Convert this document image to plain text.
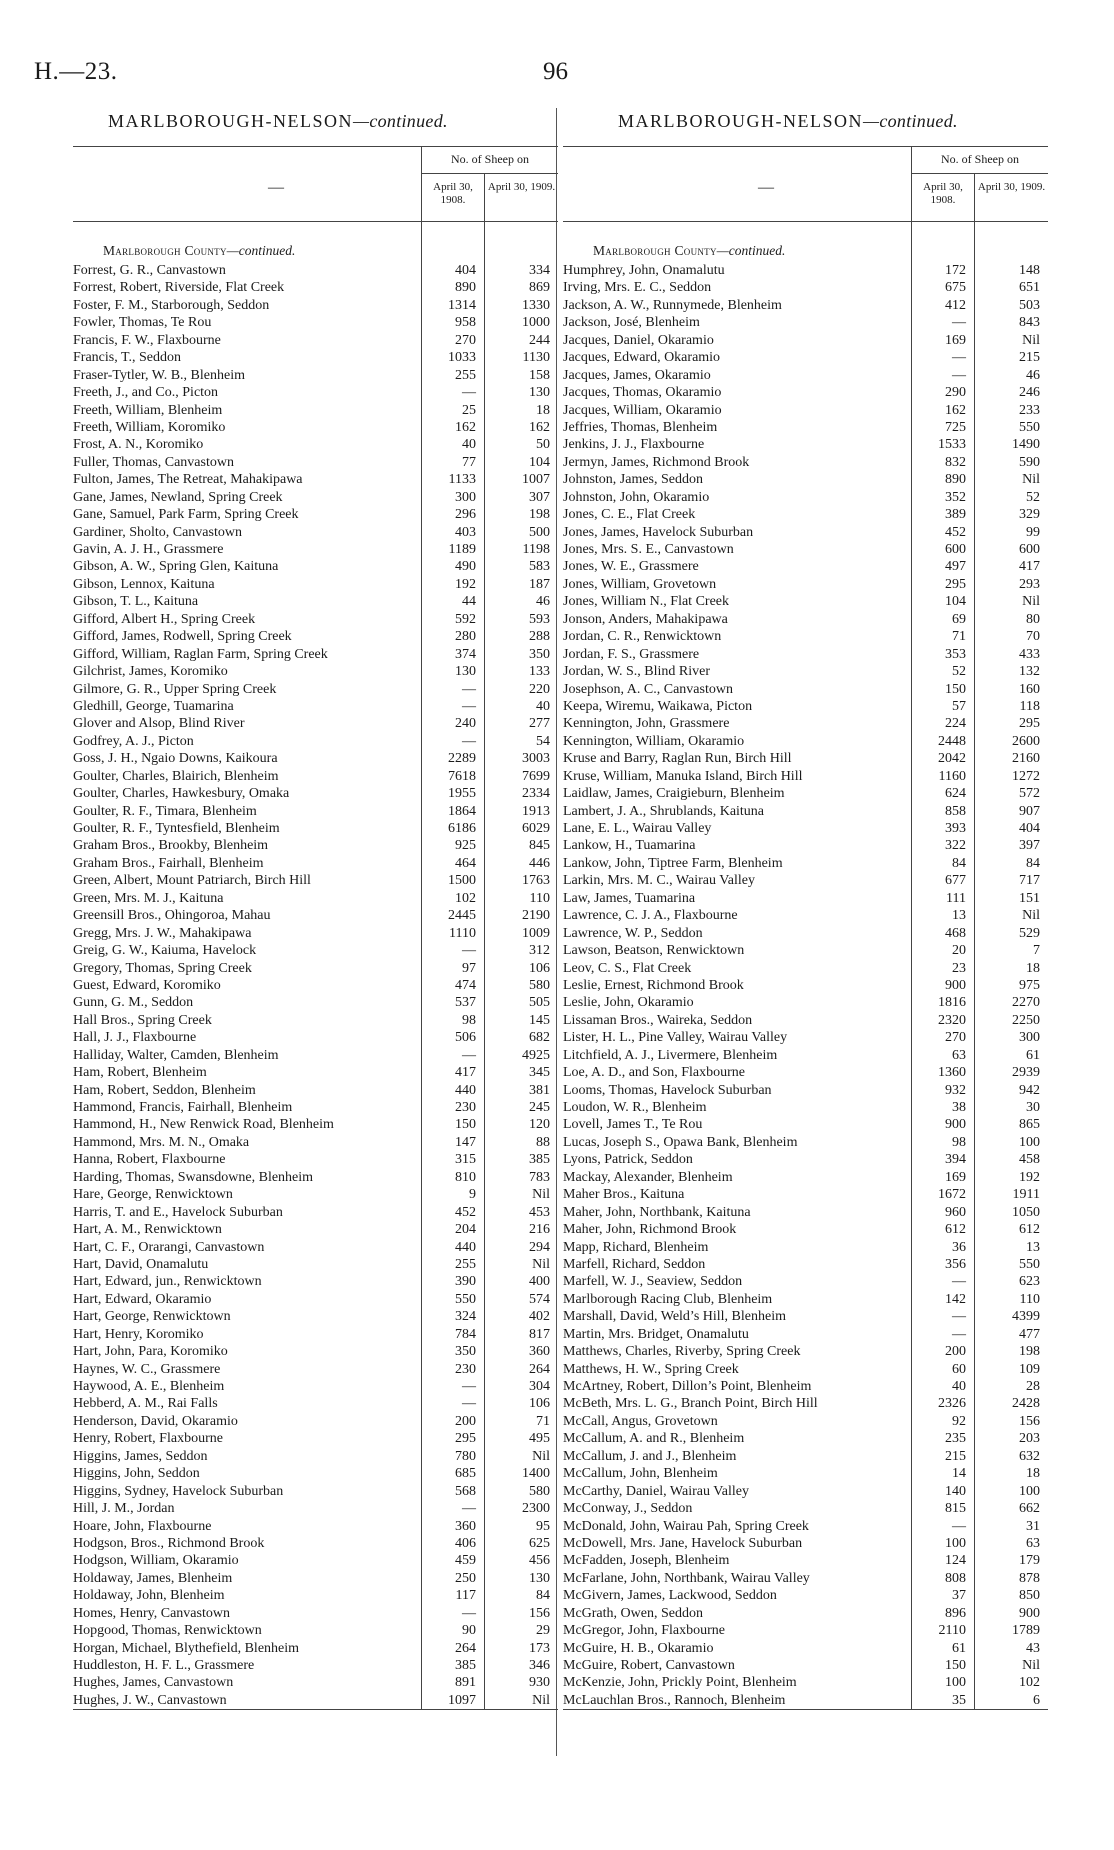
H.—23.	96
MARLBOROUGH-NELSON—continued.	MARLBOROUGH-NELSON—continued.
—
No. of Sheep on
April 30, 1908.
April 30, 1909.
Marlborough County—continued.
Forrest, G. R., Canvastown	404	334
Forrest, Robert, Riverside, Flat Creek	890	869
Foster, F. M., Starborough, Seddon	1314	1330
Fowler, Thomas, Te Rou	958	1000
Francis, F. W., Flaxbourne	270	244
Francis, T., Seddon	1033	1130
Fraser-Tytler, W. B., Blenheim	255	158
Freeth, J., and Co., Picton	—	130
Freeth, William, Blenheim	25	18
Freeth, William, Koromiko	162	162
Frost, A. N., Koromiko	40	50
Fuller, Thomas, Canvastown	77	104
Fulton, James, The Retreat, Mahakipawa	1133	1007
Gane, James, Newland, Spring Creek	300	307
Gane, Samuel, Park Farm, Spring Creek	296	198
Gardiner, Sholto, Canvastown	403	500
Gavin, A. J. H., Grassmere	1189	1198
Gibson, A. W., Spring Glen, Kaituna	490	583
Gibson, Lennox, Kaituna	192	187
Gibson, T. L., Kaituna	44	46
Gifford, Albert H., Spring Creek	592	593
Gifford, James, Rodwell, Spring Creek	280	288
Gifford, William, Raglan Farm, Spring Creek	374	350
Gilchrist, James, Koromiko	130	133
Gilmore, G. R., Upper Spring Creek	—	220
Gledhill, George, Tuamarina	—	40
Glover and Alsop, Blind River	240	277
Godfrey, A. J., Picton	—	54
Goss, J. H., Ngaio Downs, Kaikoura	2289	3003
Goulter, Charles, Blairich, Blenheim	7618	7699
Goulter, Charles, Hawkesbury, Omaka	1955	2334
Goulter, R. F., Timara, Blenheim	1864	1913
Goulter, R. F., Tyntesfield, Blenheim	6186	6029
Graham Bros., Brookby, Blenheim	925	845
Graham Bros., Fairhall, Blenheim	464	446
Green, Albert, Mount Patriarch, Birch Hill	1500	1763
Green, Mrs. M. J., Kaituna	102	110
Greensill Bros., Ohingoroa, Mahau	2445	2190
Gregg, Mrs. J. W., Mahakipawa	1110	1009
Greig, G. W., Kaiuma, Havelock	—	312
Gregory, Thomas, Spring Creek	97	106
Guest, Edward, Koromiko	474	580
Gunn, G. M., Seddon	537	505
Hall Bros., Spring Creek	98	145
Hall, J. J., Flaxbourne	506	682
Halliday, Walter, Camden, Blenheim	—	4925
Ham, Robert, Blenheim	417	345
Ham, Robert, Seddon, Blenheim	440	381
Hammond, Francis, Fairhall, Blenheim	230	245
Hammond, H., New Renwick Road, Blenheim	150	120
Hammond, Mrs. M. N., Omaka	147	88
Hanna, Robert, Flaxbourne	315	385
Harding, Thomas, Swansdowne, Blenheim	810	783
Hare, George, Renwicktown	9	Nil
Harris, T. and E., Havelock Suburban	452	453
Hart, A. M., Renwicktown	204	216
Hart, C. F., Orarangi, Canvastown	440	294
Hart, David, Onamalutu	255	Nil
Hart, Edward, jun., Renwicktown	390	400
Hart, Edward, Okaramio	550	574
Hart, George, Renwicktown	324	402
Hart, Henry, Koromiko	784	817
Hart, John, Para, Koromiko	350	360
Haynes, W. C., Grassmere	230	264
Haywood, A. E., Blenheim	—	304
Hebberd, A. M., Rai Falls	—	106
Henderson, David, Okaramio	200	71
Henry, Robert, Flaxbourne	295	495
Higgins, James, Seddon	780	Nil
Higgins, John, Seddon	685	1400
Higgins, Sydney, Havelock Suburban	568	580
Hill, J. M., Jordan	—	2300
Hoare, John, Flaxbourne	360	95
Hodgson, Bros., Richmond Brook	406	625
Hodgson, William, Okaramio	459	456
Holdaway, James, Blenheim	250	130
Holdaway, John, Blenheim	117	84
Homes, Henry, Canvastown	—	156
Hopgood, Thomas, Renwicktown	90	29
Horgan, Michael, Blythefield, Blenheim	264	173
Huddleston, H. F. L., Grassmere	385	346
Hughes, James, Canvastown	891	930
Hughes, J. W., Canvastown	1097	Nil
—
No. of Sheep on
April 30, 1908.
April 30, 1909.
Marlborough County—continued.
Humphrey, John, Onamalutu	172	148
Irving, Mrs. E. C., Seddon	675	651
Jackson, A. W., Runnymede, Blenheim	412	503
Jackson, José, Blenheim	—	843
Jacques, Daniel, Okaramio	169	Nil
Jacques, Edward, Okaramio	—	215
Jacques, James, Okaramio	—	46
Jacques, Thomas, Okaramio	290	246
Jacques, William, Okaramio	162	233
Jeffries, Thomas, Blenheim	725	550
Jenkins, J. J., Flaxbourne	1533	1490
Jermyn, James, Richmond Brook	832	590
Johnston, James, Seddon	890	Nil
Johnston, John, Okaramio	352	52
Jones, C. E., Flat Creek	389	329
Jones, James, Havelock Suburban	452	99
Jones, Mrs. S. E., Canvastown	600	600
Jones, W. E., Grassmere	497	417
Jones, William, Grovetown	295	293
Jones, William N., Flat Creek	104	Nil
Jonson, Anders, Mahakipawa	69	80
Jordan, C. R., Renwicktown	71	70
Jordan, F. S., Grassmere	353	433
Jordan, W. S., Blind River	52	132
Josephson, A. C., Canvastown	150	160
Keepa, Wiremu, Waikawa, Picton	57	118
Kennington, John, Grassmere	224	295
Kennington, William, Okaramio	2448	2600
Kruse and Barry, Raglan Run, Birch Hill	2042	2160
Kruse, William, Manuka Island, Birch Hill	1160	1272
Laidlaw, James, Craigieburn, Blenheim	624	572
Lambert, J. A., Shrublands, Kaituna	858	907
Lane, E. L., Wairau Valley	393	404
Lankow, H., Tuamarina	322	397
Lankow, John, Tiptree Farm, Blenheim	84	84
Larkin, Mrs. M. C., Wairau Valley	677	717
Law, James, Tuamarina	111	151
Lawrence, C. J. A., Flaxbourne	13	Nil
Lawrence, W. P., Seddon	468	529
Lawson, Beatson, Renwicktown	20	7
Leov, C. S., Flat Creek	23	18
Leslie, Ernest, Richmond Brook	900	975
Leslie, John, Okaramio	1816	2270
Lissaman Bros., Waireka, Seddon	2320	2250
Lister, H. L., Pine Valley, Wairau Valley	270	300
Litchfield, A. J., Livermere, Blenheim	63	61
Loe, A. D., and Son, Flaxbourne	1360	2939
Looms, Thomas, Havelock Suburban	932	942
Loudon, W. R., Blenheim	38	30
Lovell, James T., Te Rou	900	865
Lucas, Joseph S., Opawa Bank, Blenheim	98	100
Lyons, Patrick, Seddon	394	458
Mackay, Alexander, Blenheim	169	192
Maher Bros., Kaituna	1672	1911
Maher, John, Northbank, Kaituna	960	1050
Maher, John, Richmond Brook	612	612
Mapp, Richard, Blenheim	36	13
Marfell, Richard, Seddon	356	550
Marfell, W. J., Seaview, Seddon	—	623
Marlborough Racing Club, Blenheim	142	110
Marshall, David, Weld’s Hill, Blenheim	—	4399
Martin, Mrs. Bridget, Onamalutu	—	477
Matthews, Charles, Riverby, Spring Creek	200	198
Matthews, H. W., Spring Creek	60	109
McArtney, Robert, Dillon’s Point, Blenheim	40	28
McBeth, Mrs. L. G., Branch Point, Birch Hill	2326	2428
McCall, Angus, Grovetown	92	156
McCallum, A. and R., Blenheim	235	203
McCallum, J. and J., Blenheim	215	632
McCallum, John, Blenheim	14	18
McCarthy, Daniel, Wairau Valley	140	100
McConway, J., Seddon	815	662
McDonald, John, Wairau Pah, Spring Creek	—	31
McDowell, Mrs. Jane, Havelock Suburban	100	63
McFadden, Joseph, Blenheim	124	179
McFarlane, John, Northbank, Wairau Valley	808	878
McGivern, James, Lackwood, Seddon	37	850
McGrath, Owen, Seddon	896	900
McGregor, John, Flaxbourne	2110	1789
McGuire, H. B., Okaramio	61	43
McGuire, Robert, Canvastown	150	Nil
McKenzie, John, Prickly Point, Blenheim	100	102
McLauchlan Bros., Rannoch, Blenheim	35	6
